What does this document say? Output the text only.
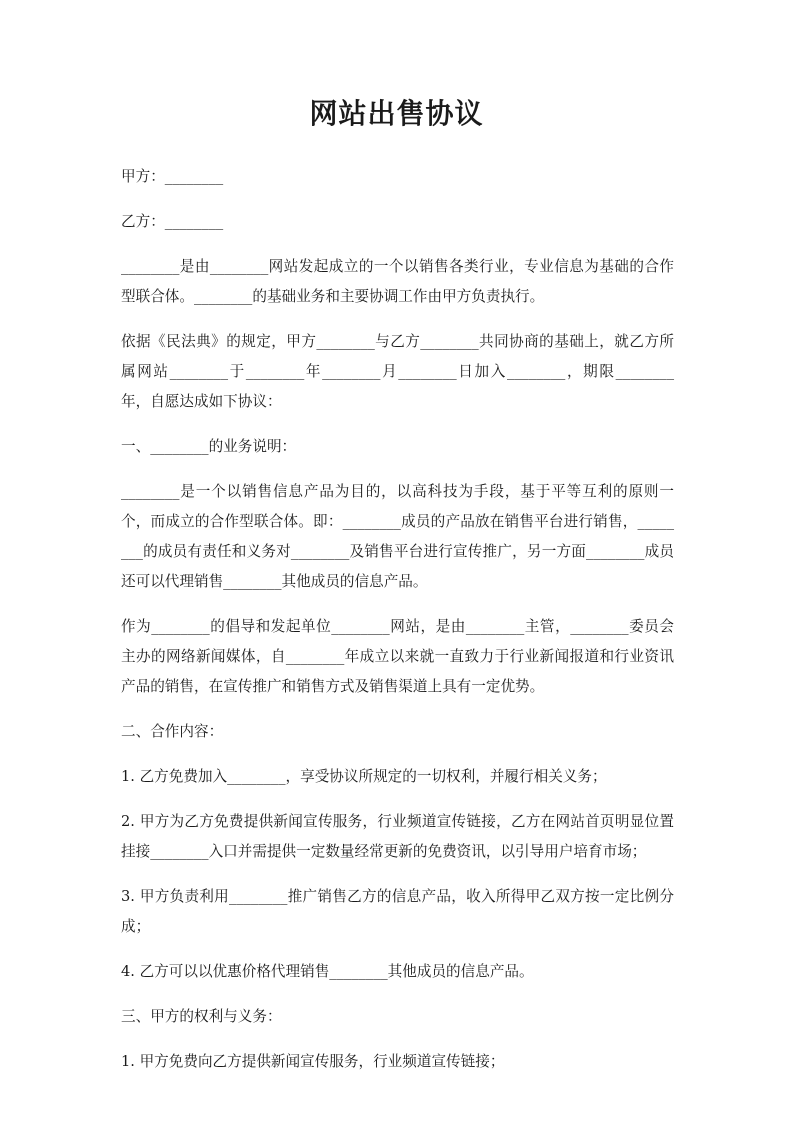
网站出售协议

甲方：________

乙方：________

________是由________网站发起成立的一个以销售各类行业，专业信息为基础的合作型联合体。________的基础业务和主要协调工作由甲方负责执行。

依据《民法典》的规定，甲方________与乙方________共同协商的基础上，就乙方所属网站________于________年________月________日加入________，期限________年，自愿达成如下协议：

一、________的业务说明：

________是一个以销售信息产品为目的，以高科技为手段，基于平等互利的原则一个，而成立的合作型联合体。即：________成员的产品放在销售平台进行销售，________的成员有责任和义务对________及销售平台进行宣传推广，另一方面________成员还可以代理销售________其他成员的信息产品。

作为________的倡导和发起单位________网站，是由________主管，________委员会主办的网络新闻媒体，自________年成立以来就一直致力于行业新闻报道和行业资讯产品的销售，在宣传推广和销售方式及销售渠道上具有一定优势。

二、合作内容：

1. 乙方免费加入________，享受协议所规定的一切权利，并履行相关义务；

2. 甲方为乙方免费提供新闻宣传服务，行业频道宣传链接，乙方在网站首页明显位置挂接________入口并需提供一定数量经常更新的免费资讯，以引导用户培育市场；

3. 甲方负责利用________推广销售乙方的信息产品，收入所得甲乙双方按一定比例分成；

4. 乙方可以以优惠价格代理销售________其他成员的信息产品。

三、甲方的权利与义务：

1. 甲方免费向乙方提供新闻宣传服务，行业频道宣传链接；
